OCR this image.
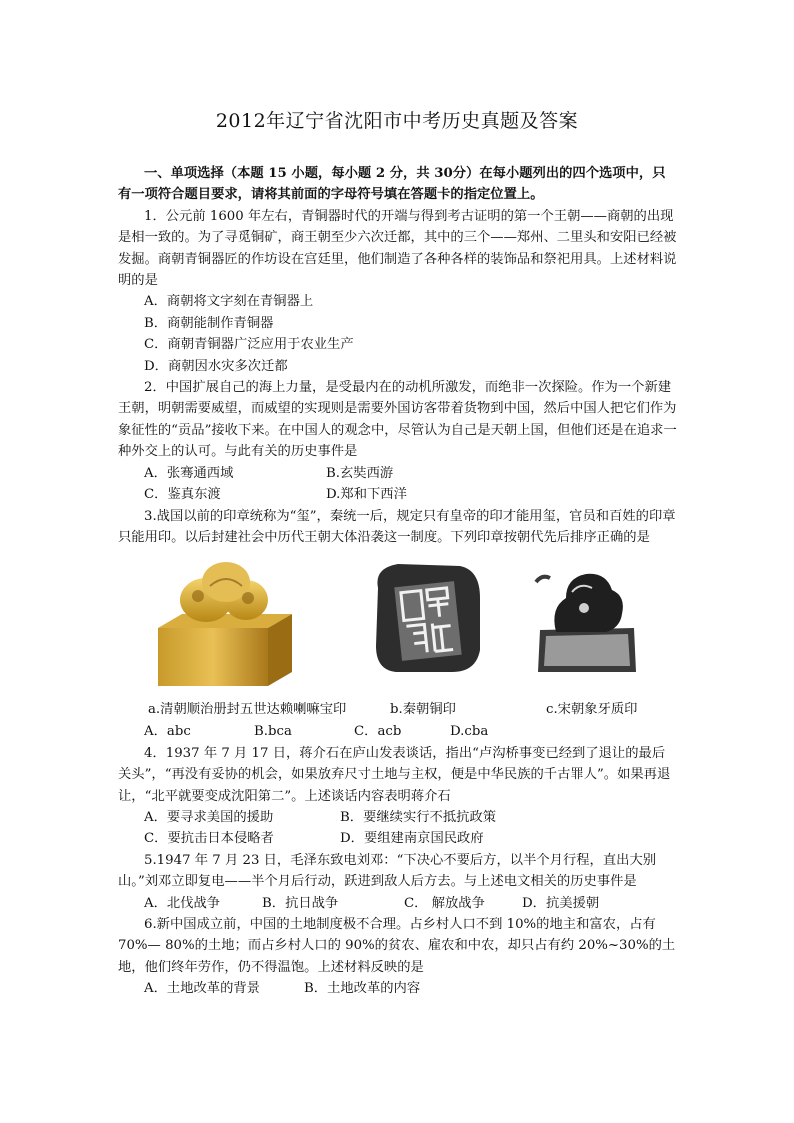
2012年辽宁省沈阳市中考历史真题及答案

一、单项选择（本题 15 小题，每小题 2 分，共 30分）在每小题列出的四个选项中，只有一项符合题目要求，请将其前面的字母符号填在答题卡的指定位置上。

1．公元前 1600 年左右，青铜器时代的开端与得到考古证明的第一个王朝——商朝的出现是相一致的。为了寻觅铜矿，商王朝至少六次迁都，其中的三个——郑州、二里头和安阳已经被发掘。商朝青铜器匠的作坊设在宫廷里，他们制造了各种各样的装饰品和祭祀用具。上述材料说明的是

A．商朝将文字刻在青铜器上

B．商朝能制作青铜器

C．商朝青铜器广泛应用于农业生产

D．商朝因水灾多次迁都

2．中国扩展自己的海上力量，是受最内在的动机所激发，而绝非一次探险。作为一个新建王朝，明朝需要威望，而威望的实现则是需要外国访客带着货物到中国，然后中国人把它们作为象征性的“贡品”接收下来。在中国人的观念中，尽管认为自己是天朝上国，但他们还是在追求一种外交上的认可。与此有关的历史事件是

A．张骞通西域	B.玄奘西游

C．鉴真东渡	D.郑和下西洋

3.战国以前的印章统称为“玺”，秦统一后，规定只有皇帝的印才能用玺，官员和百姓的印章只能用印。以后封建社会中历代王朝大体沿袭这一制度。下列印章按朝代先后排序正确的是

a.清朝顺治册封五世达赖喇嘛宝印	b.秦朝铜印	c.宋朝象牙质印

A．abc	B.bca	C．acb	D.cba

4．1937 年 7 月 17 日，蒋介石在庐山发表谈话，指出“卢沟桥事变已经到了退让的最后关头”，“再没有妥协的机会，如果放弃尺寸土地与主权，便是中华民族的千古罪人”。如果再退让，“北平就要变成沈阳第二”。上述谈话内容表明蒋介石

A．要寻求美国的援助	B．要继续实行不抵抗政策

C．要抗击日本侵略者	D．要组建南京国民政府

5.1947 年 7 月 23 日，毛泽东致电刘邓：“下决心不要后方，以半个月行程，直出大别山。”刘邓立即复电——半个月后行动，跃进到敌人后方去。与上述电文相关的历史事件是

A．北伐战争	B．抗日战争	C． 解放战争	D．抗美援朝

6.新中国成立前，中国的土地制度极不合理。占乡村人口不到 10%的地主和富农，占有 70%— 80%的土地；而占乡村人口的 90%的贫农、雇农和中农，却只占有约 20%~30%的土地，他们终年劳作，仍不得温饱。上述材料反映的是

A．土地改革的背景	B．土地改革的内容
